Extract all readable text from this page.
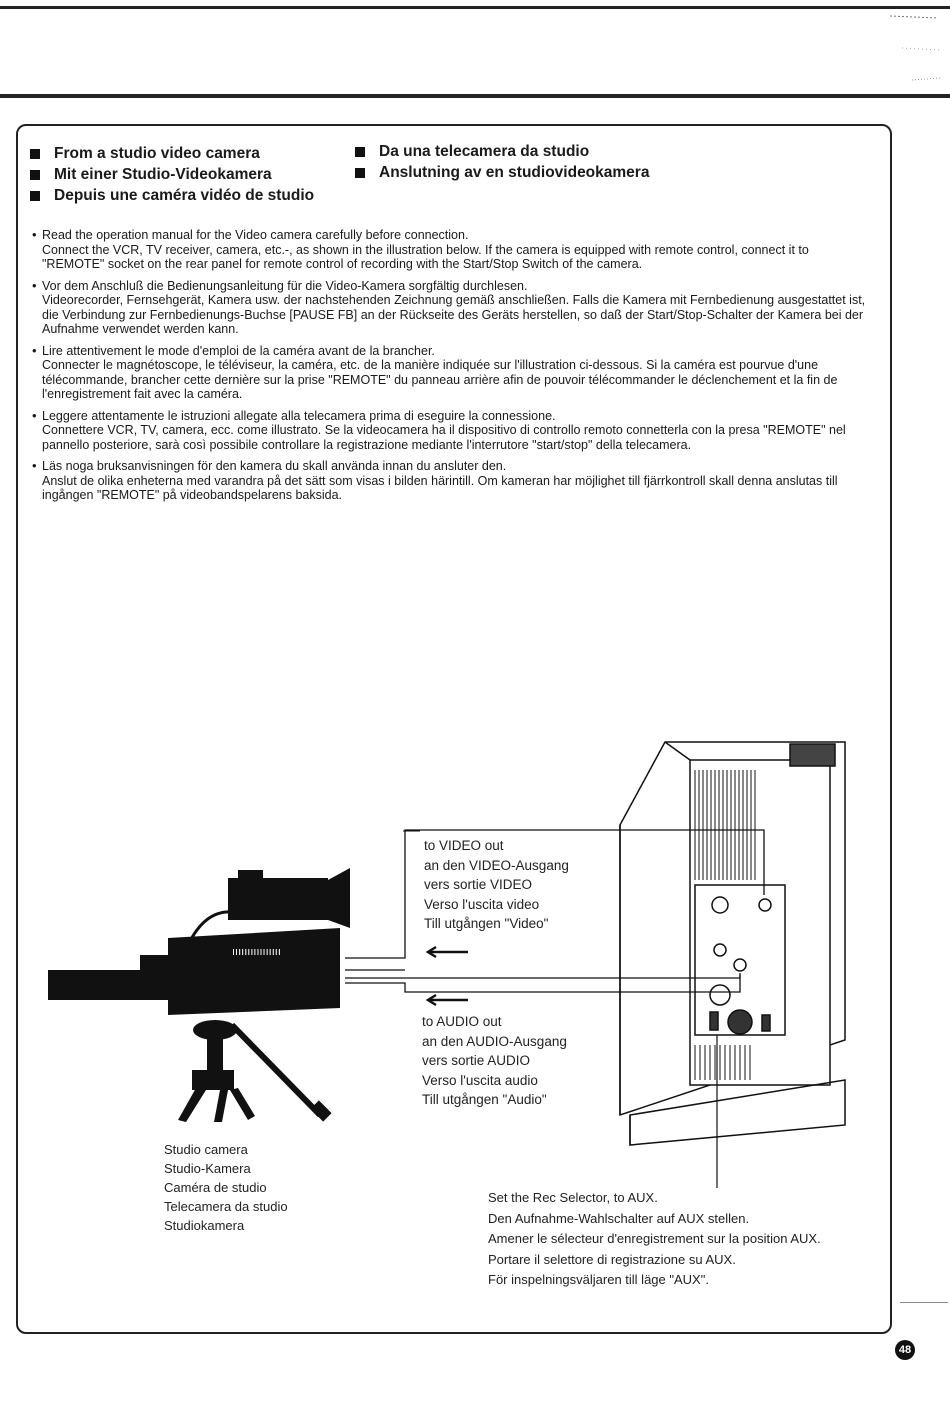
From a studio video camera
Mit einer Studio-Videokamera
Depuis une caméra vidéo de studio
Da una telecamera da studio
Anslutning av en studiovideokamera
• Read the operation manual for the Video camera carefully before connection.
Connect the VCR, TV receiver, camera, etc.-, as shown in the illustration below. If the camera is equipped with remote control, connect it to "REMOTE" socket on the rear panel for remote control of recording with the Start/Stop Switch of the camera.
• Vor dem Anschluß die Bedienungsanleitung für die Video-Kamera sorgfältig durchlesen.
Videorecorder, Fernsehgerät, Kamera usw. der nachstehenden Zeichnung gemäß anschließen. Falls die Kamera mit Fernbedienung ausgestattet ist, die Verbindung zur Fernbedienungs-Buchse [PAUSE FB] an der Rückseite des Geräts herstellen, so daß der Start/Stop-Schalter der Kamera bei der Aufnahme verwendet werden kann.
• Lire attentivement le mode d'emploi de la caméra avant de la brancher.
Connecter le magnétoscope, le téléviseur, la caméra, etc. de la manière indiquée sur l'illustration ci-dessous. Si la caméra est pourvue d'une télécommande, brancher cette dernière sur la prise "REMOTE" du panneau arrière afin de pouvoir télécommander le déclenchement et la fin de l'enregistrement fait avec la caméra.
• Leggere attentamente le istruzioni allegate alla telecamera prima di eseguire la connessione.
Connettere VCR, TV, camera, ecc. come illustrato. Se la videocamera ha il dispositivo di controllo remoto connetterla con la presa "REMOTE" nel pannello posteriore, sarà così possibile controllare la registrazione mediante l'interrutore "start/stop" della telecamera.
• Läs noga bruksanvisningen för den kamera du skall använda innan du ansluter den.
Anslut de olika enheterna med varandra på det sätt som visas i bilden härintill. Om kameran har möjlighet till fjärrkontroll skall denna anslutas till ingången "REMOTE" på videobandspelarens baksida.
ıııııııııııııııı
to VIDEO out
an den VIDEO-Ausgang
vers sortie VIDEO
Verso l'uscita video
Till utgången "Video"
to AUDIO out
an den AUDIO-Ausgang
vers sortie AUDIO
Verso l'uscita audio
Till utgången "Audio"
Studio camera
Studio-Kamera
Caméra de studio
Telecamera da studio
Studiokamera
Set the Rec Selector, to AUX.
Den Aufnahme-Wahlschalter auf AUX stellen.
Amener le sélecteur d'enregistrement sur la position AUX.
Portare il selettore di registrazione su AUX.
För inspelningsväljaren till läge "AUX".
48
